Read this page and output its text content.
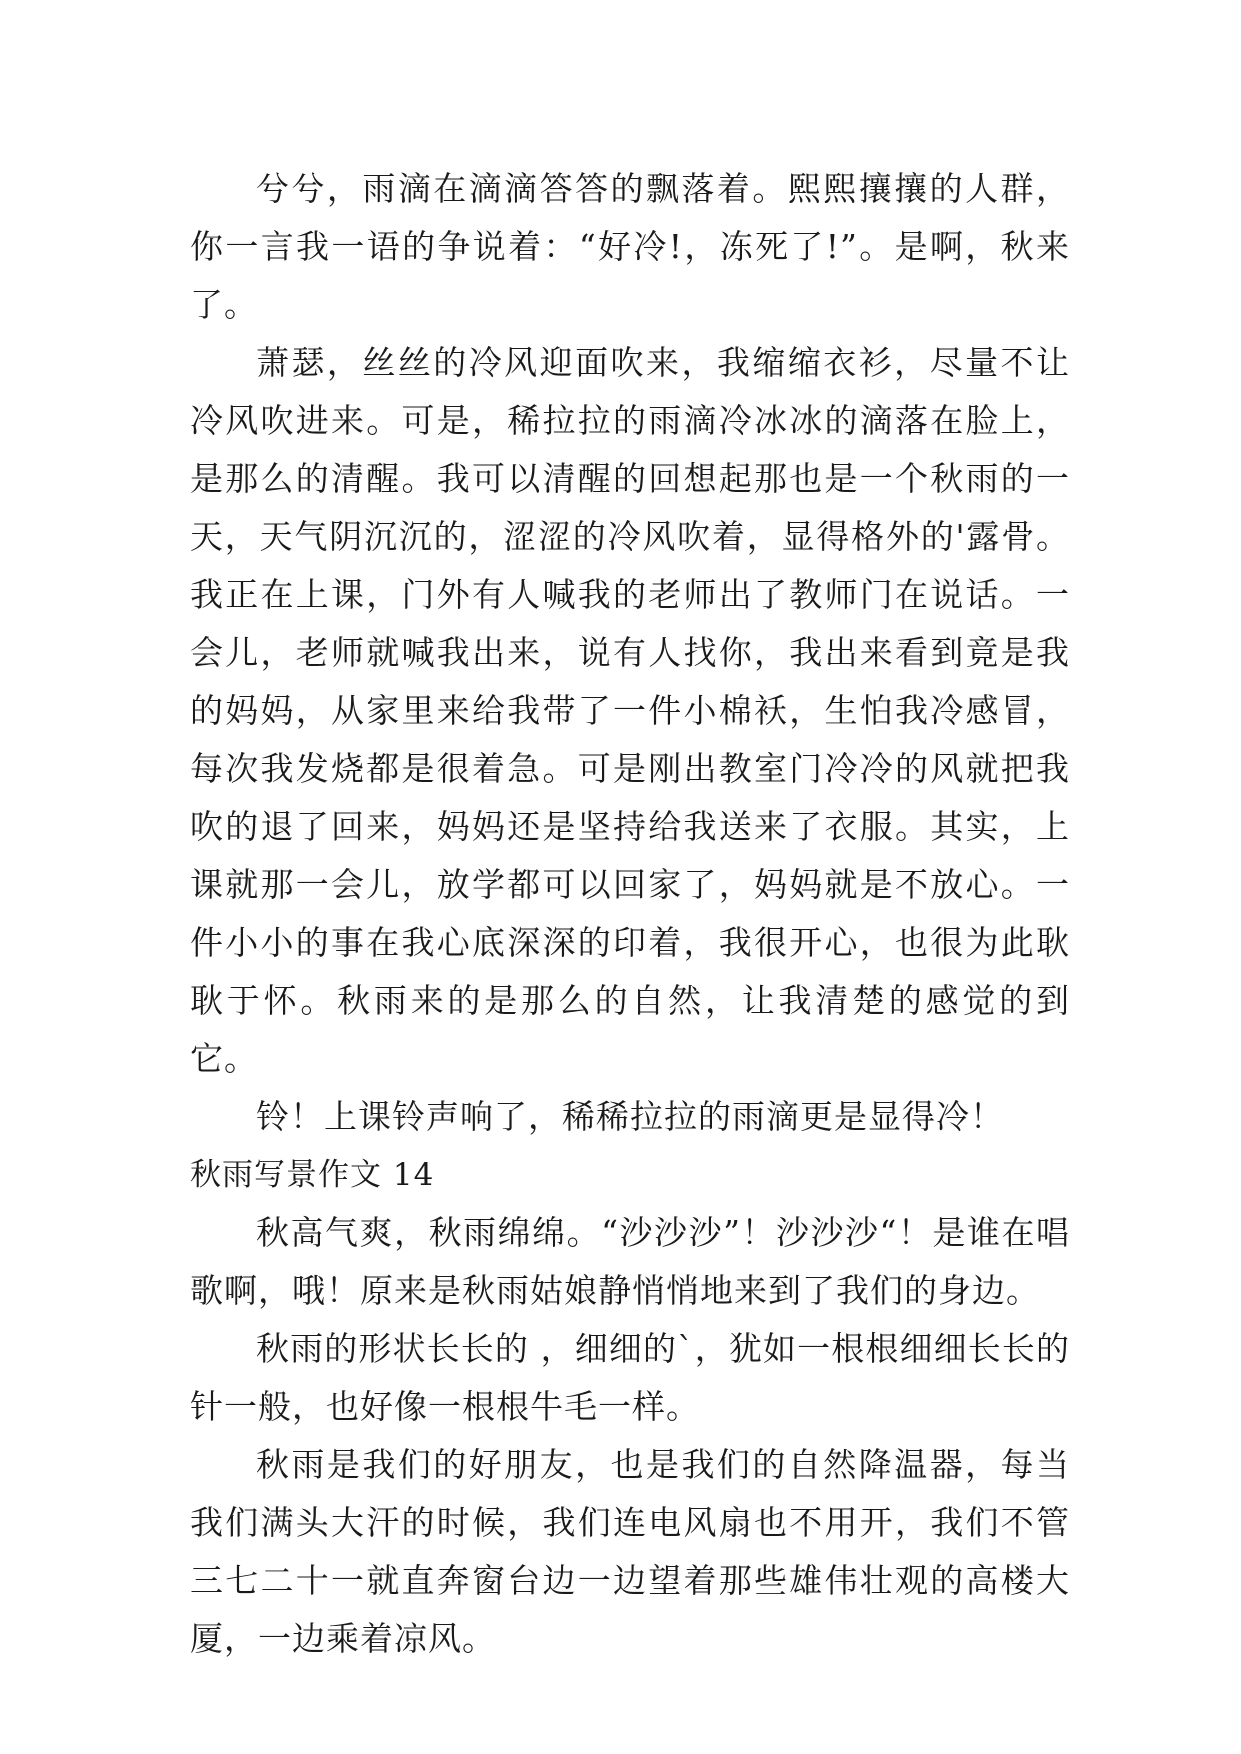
兮兮，雨滴在滴滴答答的飘落着。熙熙攘攘的人群，你一言我一语的争说着：“好冷!，冻死了!”。是啊，秋来了。

萧瑟，丝丝的冷风迎面吹来，我缩缩衣衫，尽量不让冷风吹进来。可是，稀拉拉的雨滴冷冰冰的滴落在脸上，是那么的清醒。我可以清醒的回想起那也是一个秋雨的一天，天气阴沉沉的，涩涩的冷风吹着，显得格外的'露骨。我正在上课，门外有人喊我的老师出了教师门在说话。一会儿，老师就喊我出来，说有人找你，我出来看到竟是我的妈妈，从家里来给我带了一件小棉袄，生怕我冷感冒，每次我发烧都是很着急。可是刚出教室门冷冷的风就把我吹的退了回来，妈妈还是坚持给我送来了衣服。其实，上课就那一会儿，放学都可以回家了，妈妈就是不放心。一件小小的事在我心底深深的印着，我很开心，也很为此耿耿于怀。秋雨来的是那么的自然，让我清楚的感觉的到它。

铃！上课铃声响了，稀稀拉拉的雨滴更是显得冷！

秋雨写景作文 14

秋高气爽，秋雨绵绵。“沙沙沙”！沙沙沙“！是谁在唱歌啊，哦！原来是秋雨姑娘静悄悄地来到了我们的身边。

秋雨的形状长长的 ，细细的`，犹如一根根细细长长的针一般，也好像一根根牛毛一样。

秋雨是我们的好朋友，也是我们的自然降温器，每当我们满头大汗的时候，我们连电风扇也不用开，我们不管三七二十一就直奔窗台边一边望着那些雄伟壮观的高楼大厦，一边乘着凉风。
